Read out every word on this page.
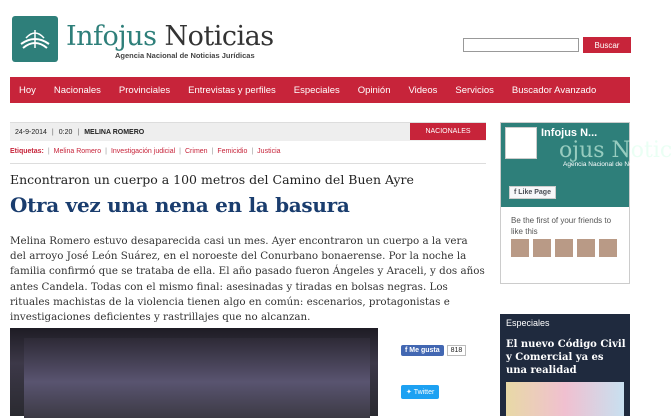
Infojus Noticias
Agencia Nacional de Noticias Jurídicas
Buscar
Hoy	Nacionales	Provinciales	Entrevistas y perfiles	Especiales	Opinión	Videos	Servicios	Buscador Avanzado
24-9-2014 | 0:20 | MELINA ROMERO	NACIONALES
Etiquetas: | Melina Romero | Investigación judicial | Crimen | Femicidio | Justicia
Encontraron un cuerpo a 100 metros del Camino del Buen Ayre
Otra vez una nena en la basura

Melina Romero estuvo desaparecida casi un mes. Ayer encontraron un cuerpo a la vera del arroyo José León Suárez, en el noroeste del Conurbano bonaerense. Por la noche la familia confirmó que se trataba de ella. El año pasado fueron Ángeles y Araceli, y dos años antes Candela. Todas con el mismo final: asesinadas y tiradas en bolsas negras. Los rituales machistas de la violencia tienen algo en común: escenarios, protagonistas e investigaciones deficientes y rastrillajes que no alcanzan.

f Me gusta	818
✦ Twitter
ojus Notic
Infojus N...
Agencia Nacional de Noticias
f Like Page
Be the first of your friends to like this
Especiales
El nuevo Código Civil y Comercial ya es una realidad
